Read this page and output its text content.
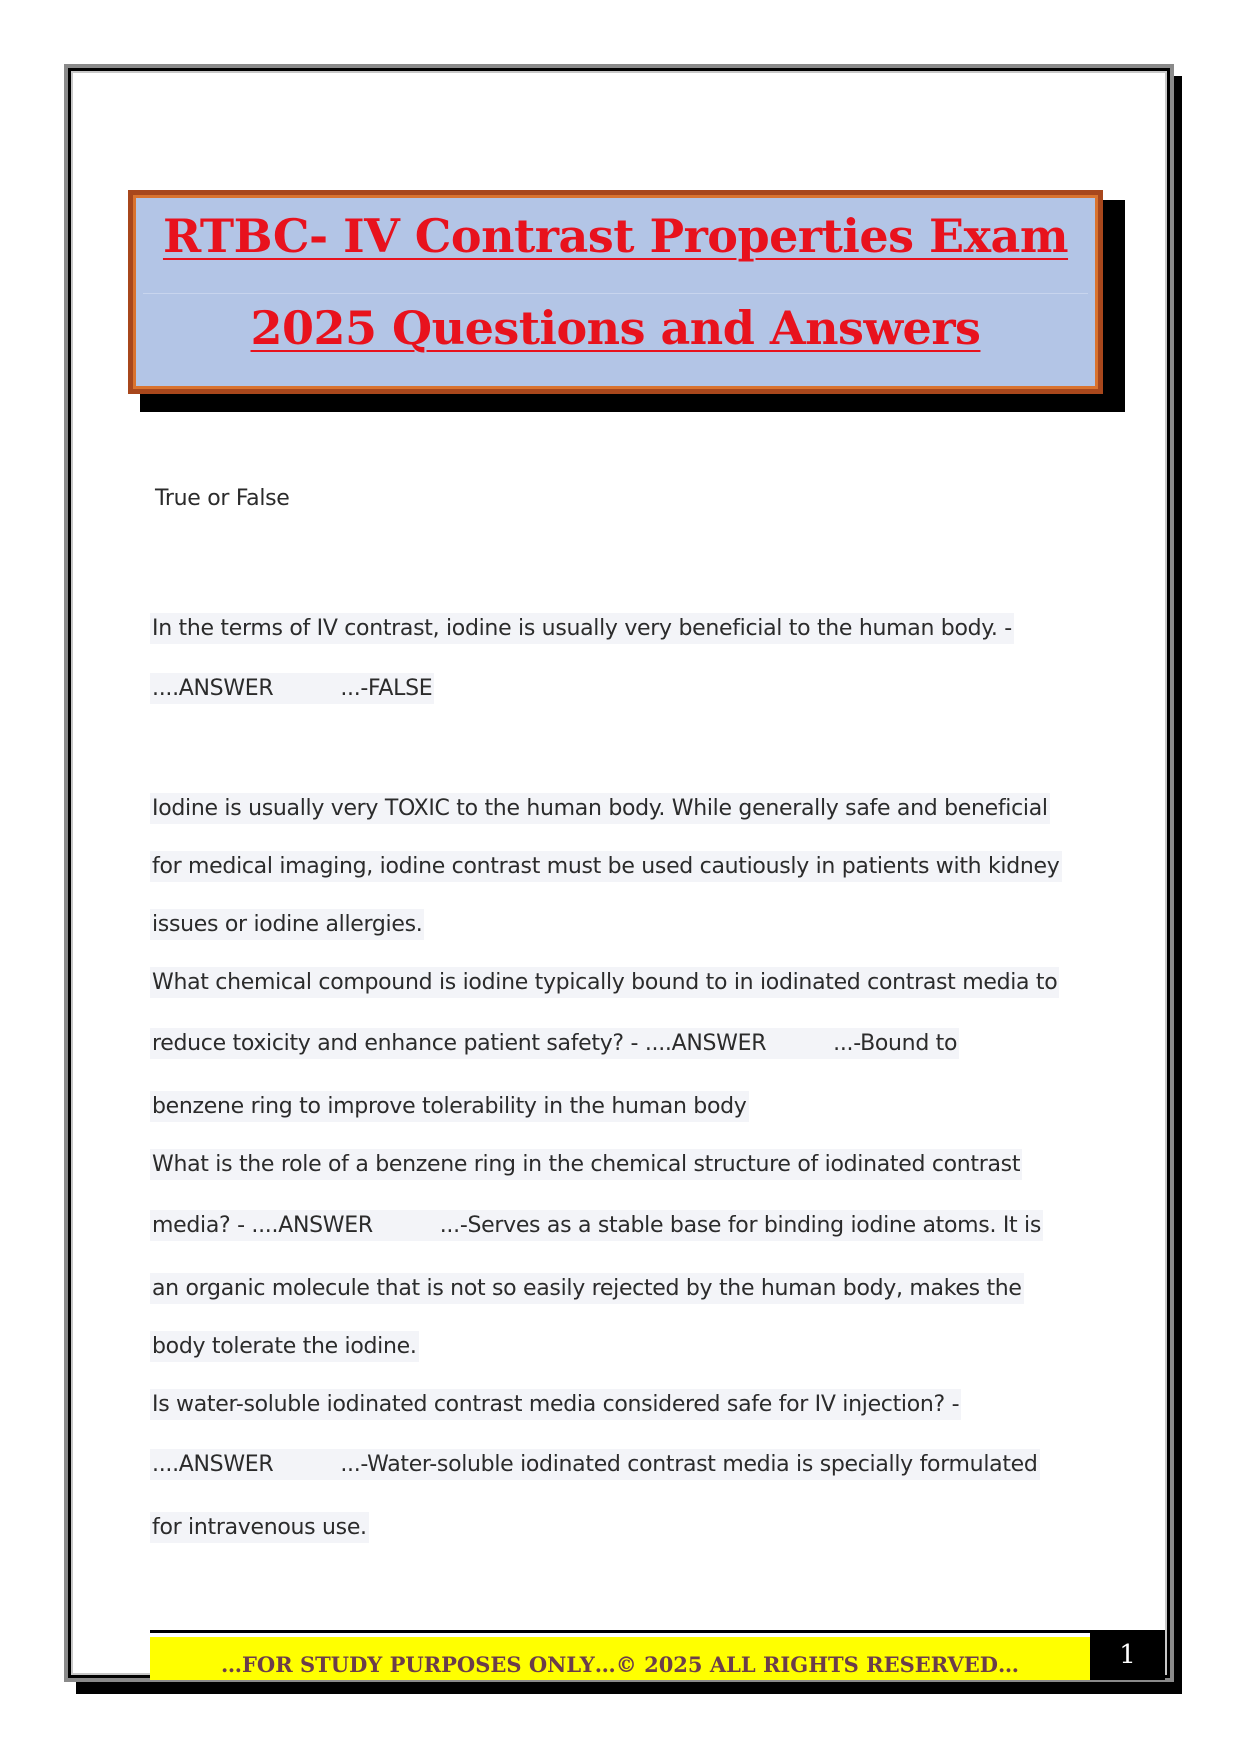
RTBC- IV Contrast Properties Exam
2025 Questions and Answers
True or False
In the terms of IV contrast, iodine is usually very beneficial to the human body. -
....ANSWER          ...-FALSE
Iodine is usually very TOXIC to the human body. While generally safe and beneficial
for medical imaging, iodine contrast must be used cautiously in patients with kidney
issues or iodine allergies.
What chemical compound is iodine typically bound to in iodinated contrast media to
reduce toxicity and enhance patient safety? - ....ANSWER          ...-Bound to
benzene ring to improve tolerability in the human body
What is the role of a benzene ring in the chemical structure of iodinated contrast
media? - ....ANSWER          ...-Serves as a stable base for binding iodine atoms. It is
an organic molecule that is not so easily rejected by the human body, makes the
body tolerate the iodine.
Is water-soluble iodinated contrast media considered safe for IV injection? -
....ANSWER          ...-Water-soluble iodinated contrast media is specially formulated
for intravenous use.
…FOR STUDY PURPOSES ONLY…© 2025 ALL RIGHTS RESERVED…	1
